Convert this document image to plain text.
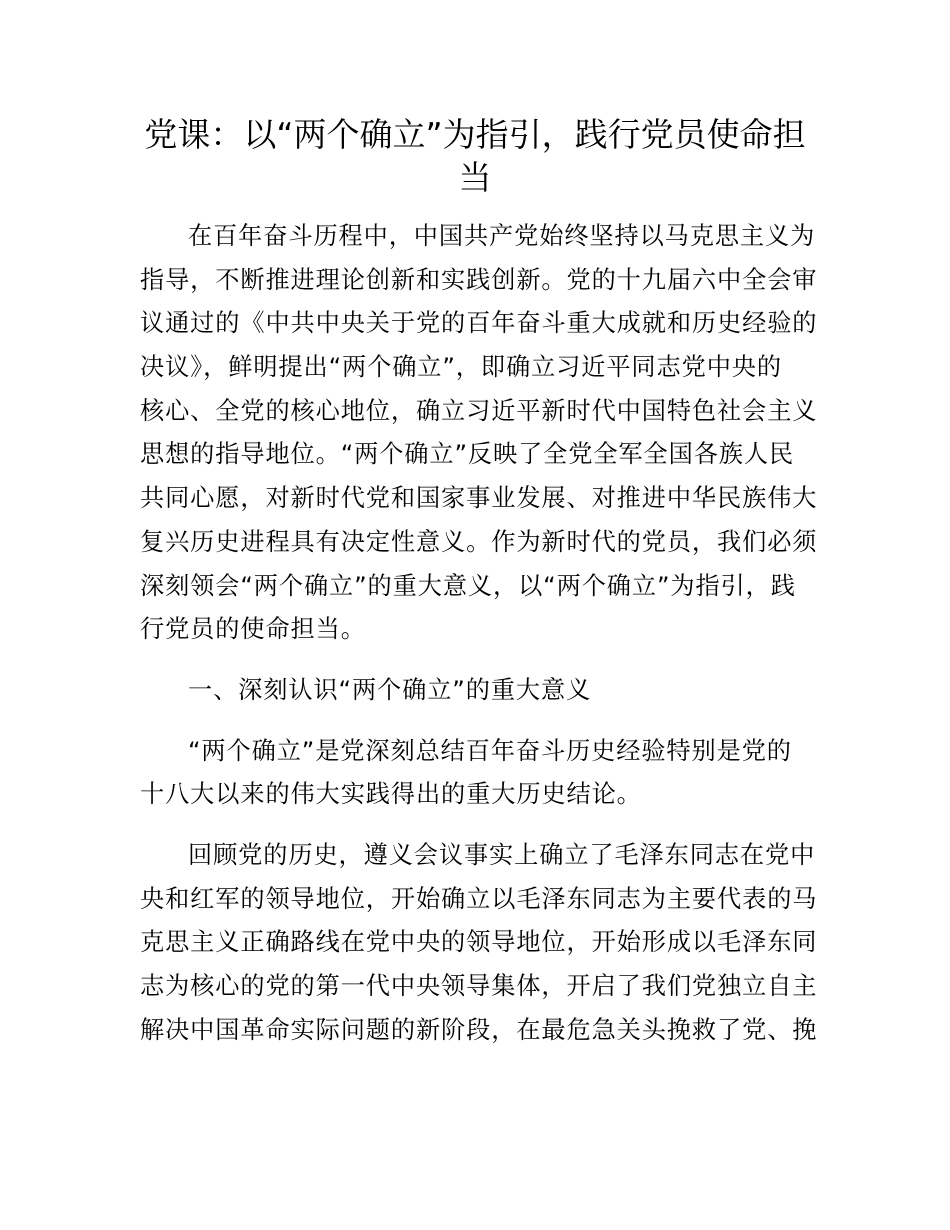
党课：以“两个确立”为指引，践行党员使命担
当
在百年奋斗历程中，中国共产党始终坚持以马克思主义为
指导，不断推进理论创新和实践创新。党的十九届六中全会审
议通过的《中共中央关于党的百年奋斗重大成就和历史经验的
决议》，鲜明提出“两个确立”，即确立习近平同志党中央的
核心、全党的核心地位，确立习近平新时代中国特色社会主义
思想的指导地位。“两个确立”反映了全党全军全国各族人民
共同心愿，对新时代党和国家事业发展、对推进中华民族伟大
复兴历史进程具有决定性意义。作为新时代的党员，我们必须
深刻领会“两个确立”的重大意义，以“两个确立”为指引，践
行党员的使命担当。
一、深刻认识“两个确立”的重大意义
“两个确立”是党深刻总结百年奋斗历史经验特别是党的
十八大以来的伟大实践得出的重大历史结论。
回顾党的历史，遵义会议事实上确立了毛泽东同志在党中
央和红军的领导地位，开始确立以毛泽东同志为主要代表的马
克思主义正确路线在党中央的领导地位，开始形成以毛泽东同
志为核心的党的第一代中央领导集体，开启了我们党独立自主
解决中国革命实际问题的新阶段，在最危急关头挽救了党、挽
